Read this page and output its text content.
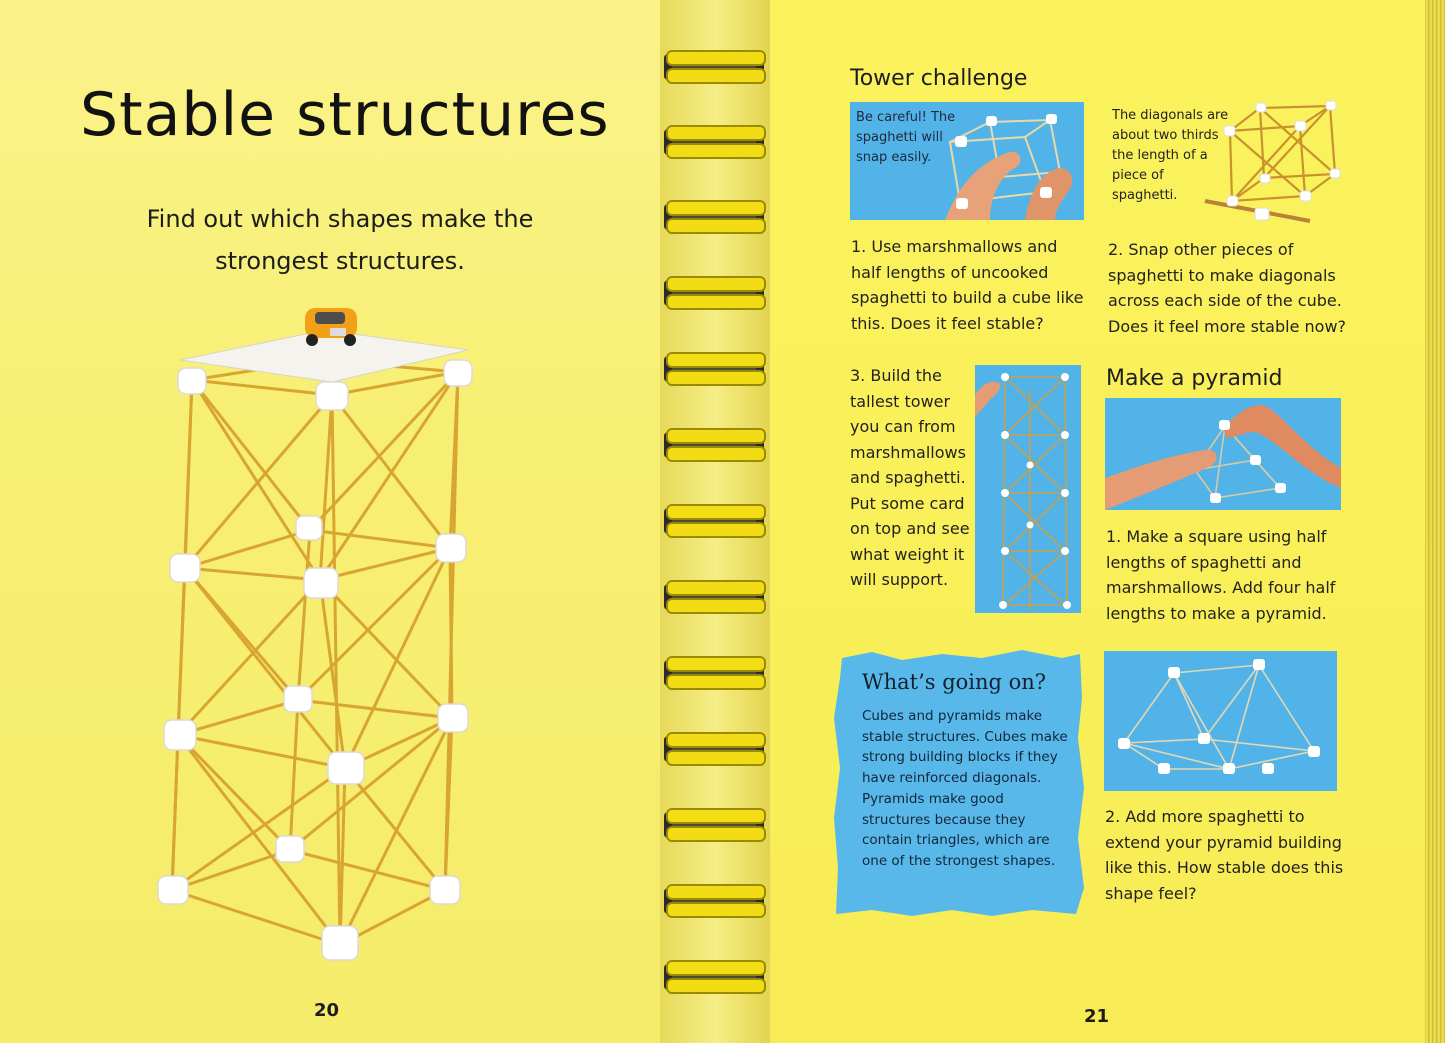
Stable structures
Find out which shapes make the strongest structures.
20
Tower challenge
Be careful! The spaghetti will snap easily.
1. Use marshmallows and half lengths of uncooked spaghetti to build a cube like this. Does it feel stable?
The diagonals are about two thirds the length of a piece of spaghetti.
2. Snap other pieces of spaghetti to make diagonals across each side of the cube. Does it feel more stable now?
3. Build the tallest tower you can from marshmallows and spaghetti. Put some card on top and see what weight it will support.
Make a pyramid
1. Make a square using half lengths of spaghetti and marshmallows. Add four half lengths to make a pyramid.
What’s going on?
Cubes and pyramids make stable structures. Cubes make strong building blocks if they have reinforced diagonals. Pyramids make good structures because they contain triangles, which are one of the strongest shapes.
2. Add more spaghetti to extend your pyramid building like this. How stable does this shape feel?
21
